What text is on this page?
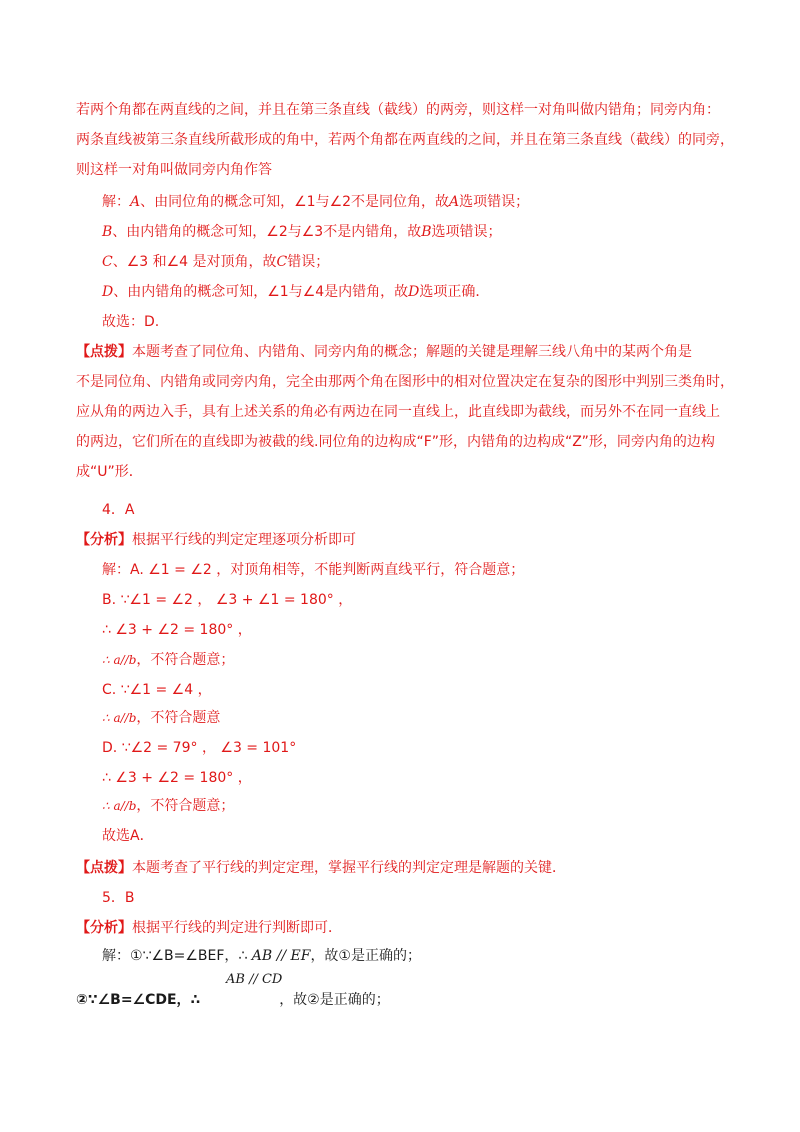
若两个角都在两直线的之间，并且在第三条直线（截线）的两旁，则这样一对角叫做内错角；同旁内角：
两条直线被第三条直线所截形成的角中，若两个角都在两直线的之间，并且在第三条直线（截线）的同旁，
则这样一对角叫做同旁内角作答
解：A、由同位角的概念可知，∠1与∠2不是同位角，故A选项错误；
B、由内错角的概念可知，∠2与∠3不是内错角，故B选项错误；
C、∠3 和∠4 是对顶角，故C错误；
D、由内错角的概念可知，∠1与∠4是内错角，故D选项正确．
故选：D.
【点拨】本题考查了同位角、内错角、同旁内角的概念；解题的关键是理解三线八角中的某两个角是
不是同位角、内错角或同旁内角，完全由那两个角在图形中的相对位置决定在复杂的图形中判别三类角时，
应从角的两边入手，具有上述关系的角必有两边在同一直线上，此直线即为截线，而另外不在同一直线上
的两边，它们所在的直线即为被截的线.同位角的边构成“F”形，内错角的边构成“Z”形，同旁内角的边构
成“U”形．
4．A
【分析】根据平行线的判定定理逐项分析即可
解：A. ∠1 = ∠2 ，对顶角相等，不能判断两直线平行，符合题意；
B. ∵∠1 = ∠2 ， ∠3 + ∠1 = 180° ，
∴ ∠3 + ∠2 = 180° ，
∴ a//b，不符合题意；
C. ∵∠1 = ∠4 ，
∴ a//b，不符合题意
D. ∵∠2 = 79° ， ∠3 = 101°
∴ ∠3 + ∠2 = 180° ，
∴ a//b，不符合题意；
故选A．
【点拨】本题考查了平行线的判定定理，掌握平行线的判定定理是解题的关键．
5．B
【分析】根据平行线的判定进行判断即可．
解：①∵∠B=∠BEF，∴ AB // EF，故①是正确的；
②∵∠B=∠CDE，∴	，故②是正确的；
AB // CD
